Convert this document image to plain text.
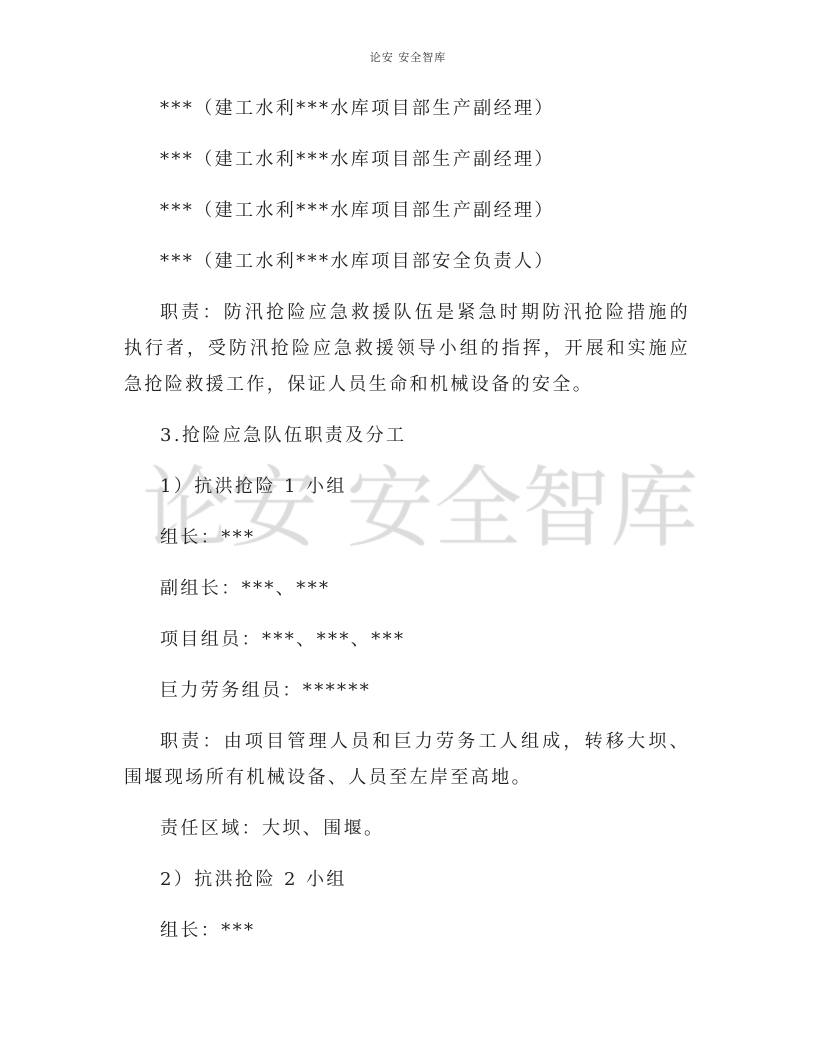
论安 安全智库

***（建工水利***水库项目部生产副经理）

***（建工水利***水库项目部生产副经理）

***（建工水利***水库项目部生产副经理）

***（建工水利***水库项目部安全负责人）

职责：防汛抢险应急救援队伍是紧急时期防汛抢险措施的执行者，受防汛抢险应急救援领导小组的指挥，开展和实施应急抢险救援工作，保证人员生命和机械设备的安全。

3.抢险应急队伍职责及分工

1）抗洪抢险 1 小组

组长：***

副组长：***、***

项目组员：***、***、***

巨力劳务组员：******

职责：由项目管理人员和巨力劳务工人组成，转移大坝、围堰现场所有机械设备、人员至左岸至高地。

责任区域：大坝、围堰。

2）抗洪抢险 2 小组

组长：***
